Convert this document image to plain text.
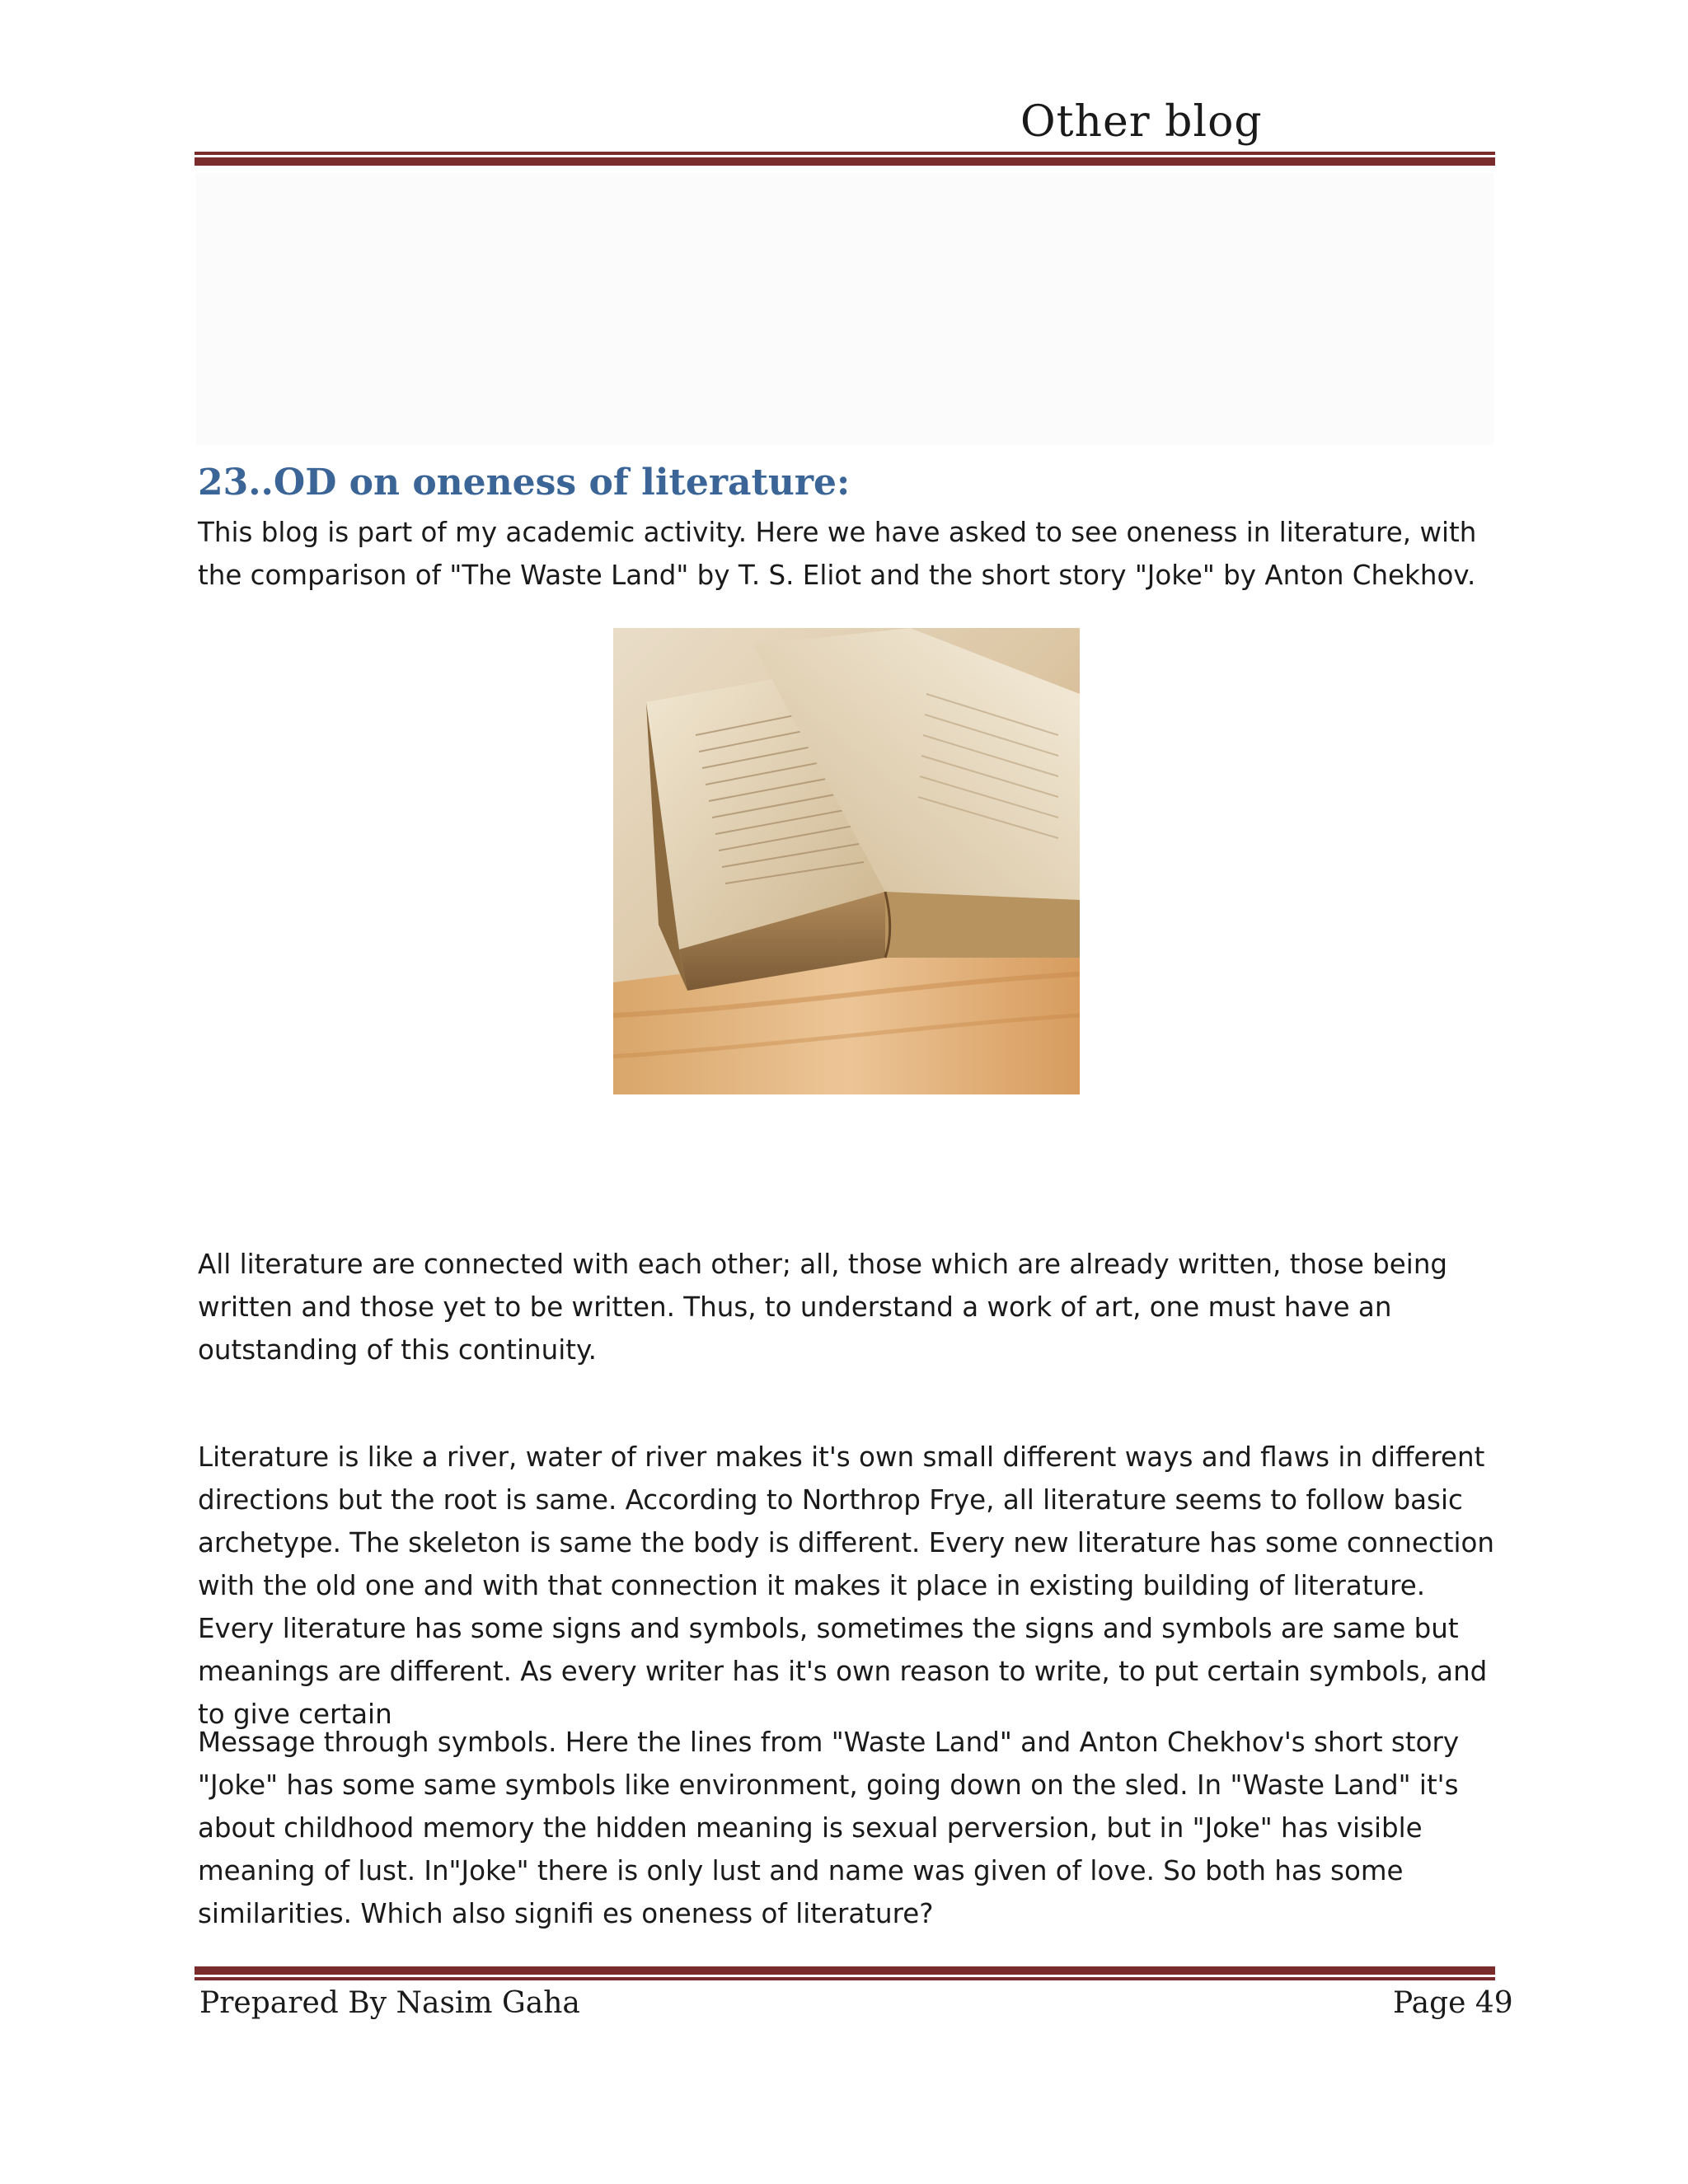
Other blog
23..OD on oneness of literature:

This blog is part of my academic activity. Here we have asked to see oneness in literature, with the comparison of "The Waste Land" by T. S. Eliot and the short story "Joke" by Anton Chekhov.

All literature are connected with each other; all, those which are already written, those being written and those yet to be written. Thus, to understand a work of art, one must have an outstanding of this continuity.

Literature is like a river, water of river makes it's own small different ways and flaws in different directions but the root is same. According to Northrop Frye, all literature seems to follow basic archetype. The skeleton is same the body is different. Every new literature has some connection with the old one and with that connection it makes it place in existing building of literature. Every literature has some signs and symbols, sometimes the signs and symbols are same but meanings are different. As every writer has it's own reason to write, to put certain symbols, and to give certain

Message through symbols. Here the lines from "Waste Land" and Anton Chekhov's short story "Joke" has some same symbols like environment, going down on the sled. In "Waste Land" it's about childhood memory the hidden meaning is sexual perversion, but in "Joke" has visible meaning of lust. In"Joke" there is only lust and name was given of love. So both has some similarities. Which also signifi es oneness of literature?

Prepared By Nasim Gaha	Page 49
